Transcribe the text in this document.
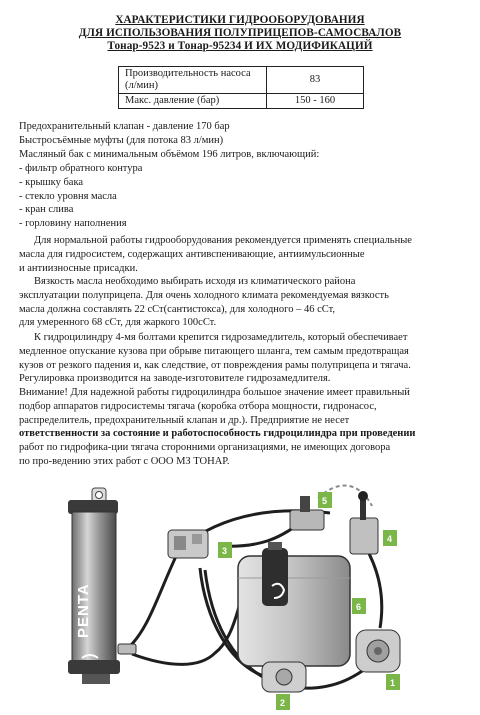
ХАРАКТЕРИСТИКИ ГИДРООБОРУДОВАНИЯ
ДЛЯ ИСПОЛЬЗОВАНИЯ ПОЛУПРИЦЕПОВ-САМОСВАЛОВ
Тонар-9523 и Тонар-95234 И ИХ МОДИФИКАЦИЙ
Производительность насоса (л/мин)	83
Макс. давление (бар)	150 - 160
Предохранительный клапан - давление 170 бар
Быстросъёмные муфты (для потока 83 л/мин)
Масляный бак с минимальным объёмом 196 литров, включающий:
- фильтр обратного контура
- крышку бака
- стекло уровня масла
- кран слива
- горловину наполнения
Для нормальной работы гидрооборудования рекомендуется применять специальные
масла для гидросистем, содержащих антивспенивающие, антиимульсионные
и антиизносные присадки.
Вязкость масла необходимо выбирать исходя из климатического района
эксплуатации полуприцепа. Для очень холодного климата рекомендуемая вязкость
масла должна составлять 22 сСт(сантистокса), для холодного – 46 сСт,
для умеренного 68 сСт, для жаркого 100сСт.
К гидроцилиндру 4-мя болтами крепится гидрозамедлитель, который обеспечивает
медленное опускание кузова при обрыве питающего шланга, тем самым предотвращая
кузов от резкого падения и, как следствие, от повреждения рамы полуприцепа и тягача.
Регулировка производится на заводе-изготовителе гидрозамедлителя.
Внимание! Для надежной работы гидроцилиндра большое значение имеет правильный
подбор аппаратов гидросистемы тягача (коробка отбора мощности, гидронасос,
распределитель, предохранительный клапан и др.). Предприятие не несет
ответственности за состояние и работоспособность гидроцилиндра при проведении
работ по гидрофика-ции тягача сторонними организациями, не имеющих договора
по про-ведению этих работ с ООО МЗ ТОНАР.
PENTA
1
2
3
4
5
6
